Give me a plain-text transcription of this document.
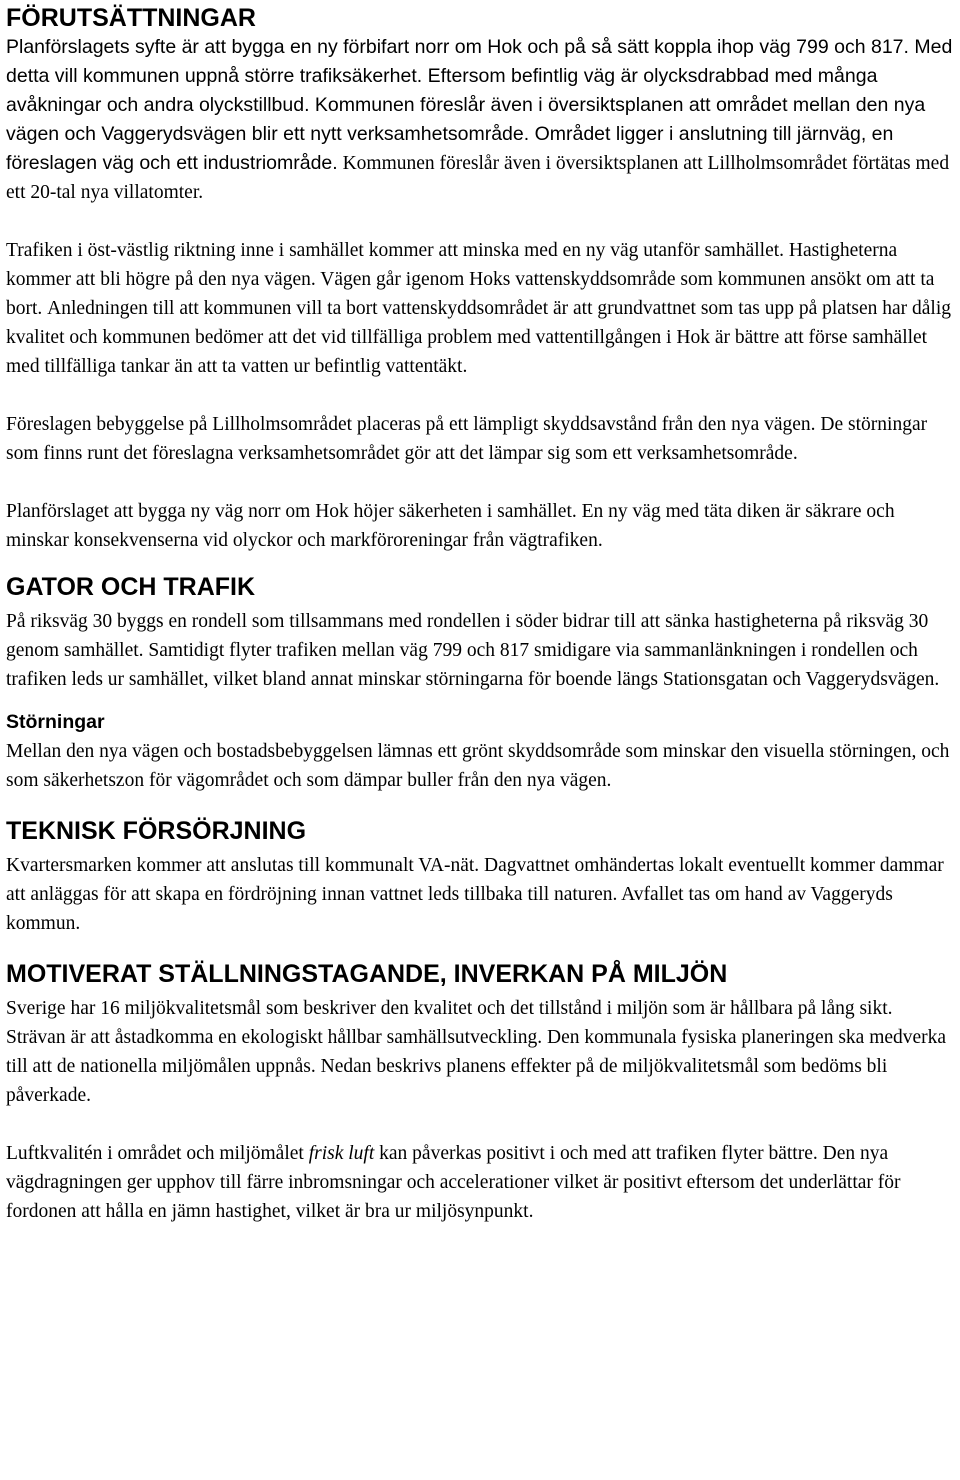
FÖRUTSÄTTNINGAR

Planförslagets syfte är att bygga en ny förbifart norr om Hok och på så sätt koppla ihop väg 799 och 817. Med detta vill kommunen uppnå större trafiksäkerhet. Eftersom befintlig väg är olycksdrabbad med många avåkningar och andra olyckstillbud. Kommunen föreslår även i översiktsplanen att området mellan den nya vägen och Vaggerydsvägen blir ett nytt verksamhetsområde. Området ligger i anslutning till järnväg, en föreslagen väg och ett industriområde. Kommunen föreslår även i översiktsplanen att Lillholmsområdet förtätas med ett 20-tal nya villatomter.

Trafiken i öst-västlig riktning inne i samhället kommer att minska med en ny väg utanför samhället. Hastigheterna kommer att bli högre på den nya vägen. Vägen går igenom Hoks vattenskyddsområde som kommunen ansökt om att ta bort. Anledningen till att kommunen vill ta bort vattenskyddsområdet är att grundvattnet som tas upp på platsen har dålig kvalitet och kommunen bedömer att det vid tillfälliga problem med vattentillgången i Hok är bättre att förse samhället med tillfälliga tankar än att ta vatten ur befintlig vattentäkt.

Föreslagen bebyggelse på Lillholmsområdet placeras på ett lämpligt skyddsavstånd från den nya vägen. De störningar som finns runt det föreslagna verksamhetsområdet gör att det lämpar sig som ett verksamhetsområde.

Planförslaget att bygga ny väg norr om Hok höjer säkerheten i samhället. En ny väg med täta diken är säkrare och minskar konsekvenserna vid olyckor och markföroreningar från vägtrafiken.

GATOR OCH TRAFIK

På riksväg 30 byggs en rondell som tillsammans med rondellen i söder bidrar till att sänka hastigheterna på riksväg 30 genom samhället. Samtidigt flyter trafiken mellan väg 799 och 817 smidigare via sammanlänkningen i rondellen och trafiken leds ur samhället, vilket bland annat minskar störningarna för boende längs Stationsgatan och Vaggerydsvägen.

Störningar

Mellan den nya vägen och bostadsbebyggelsen lämnas ett grönt skyddsområde som minskar den visuella störningen, och som säkerhetszon för vägområdet och som dämpar buller från den nya vägen.

TEKNISK FÖRSÖRJNING

Kvartersmarken kommer att anslutas till kommunalt VA-nät. Dagvattnet omhändertas lokalt eventuellt kommer dammar att anläggas för att skapa en fördröjning innan vattnet leds tillbaka till naturen. Avfallet tas om hand av Vaggeryds kommun.

MOTIVERAT STÄLLNINGSTAGANDE, INVERKAN PÅ MILJÖN

Sverige har 16 miljökvalitetsmål som beskriver den kvalitet och det tillstånd i miljön som är hållbara på lång sikt. Strävan är att åstadkomma en ekologiskt hållbar samhällsutveckling. Den kommunala fysiska planeringen ska medverka till att de nationella miljömålen uppnås. Nedan beskrivs planens effekter på de miljökvalitetsmål som bedöms bli påverkade.

Luftkvalitén i området och miljömålet frisk luft kan påverkas positivt i och med att trafiken flyter bättre. Den nya vägdragningen ger upphov till färre inbromsningar och accelerationer vilket är positivt eftersom det underlättar för fordonen att hålla en jämn hastighet, vilket är bra ur miljösynpunkt.
